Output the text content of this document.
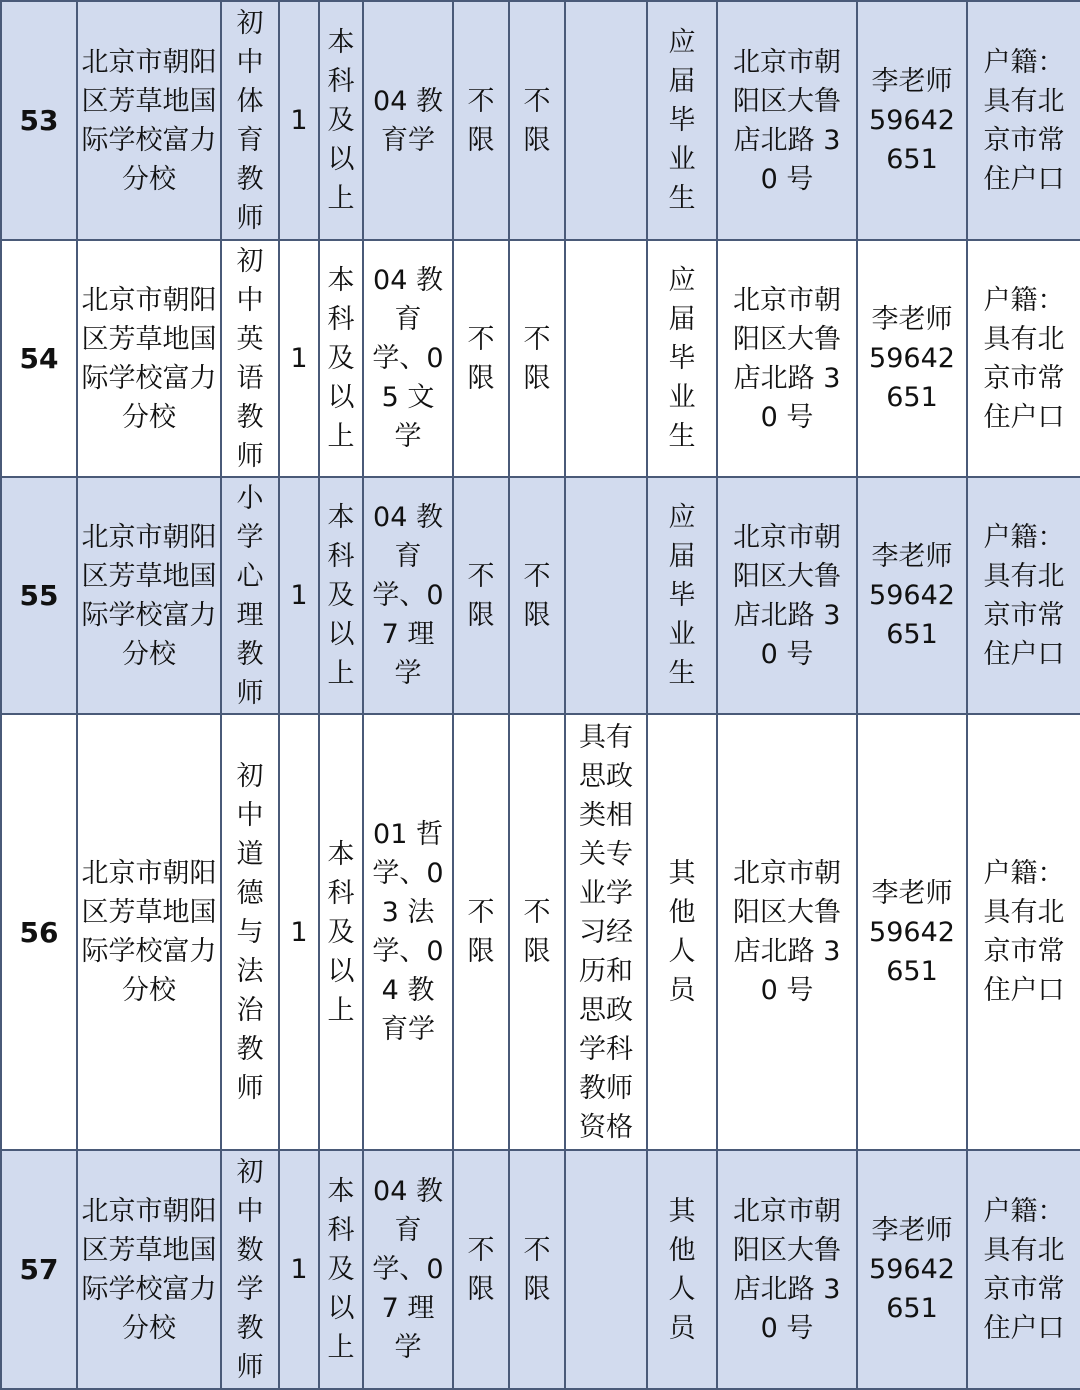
53	北京市朝阳区芳草地国际学校富力分校	初中体育教师	1	本科及以上	04 教育学	不限	不限		应届毕业生	北京市朝阳区大鲁店北路 30 号	李老师 59642651	户籍：具有北京市常住户口

54	北京市朝阳区芳草地国际学校富力分校	初中英语教师	1	本科及以上	04 教育学、05 文学	不限	不限		应届毕业生	北京市朝阳区大鲁店北路 30 号	李老师 59642651	户籍：具有北京市常住户口

55	北京市朝阳区芳草地国际学校富力分校	小学心理教师	1	本科及以上	04 教育学、07 理学	不限	不限		应届毕业生	北京市朝阳区大鲁店北路 30 号	李老师 59642651	户籍：具有北京市常住户口

56	北京市朝阳区芳草地国际学校富力分校	初中道德与法治教师	1	本科及以上	01 哲学、03 法学、04 教育学	不限	不限	具有思政类相关专业学习经历和思政学科教师资格	其他人员	北京市朝阳区大鲁店北路 30 号	李老师 59642651	户籍：具有北京市常住户口

57	北京市朝阳区芳草地国际学校富力分校	初中数学教师	1	本科及以上	04 教育学、07 理学	不限	不限		其他人员	北京市朝阳区大鲁店北路 30 号	李老师 59642651	户籍：具有北京市常住户口
